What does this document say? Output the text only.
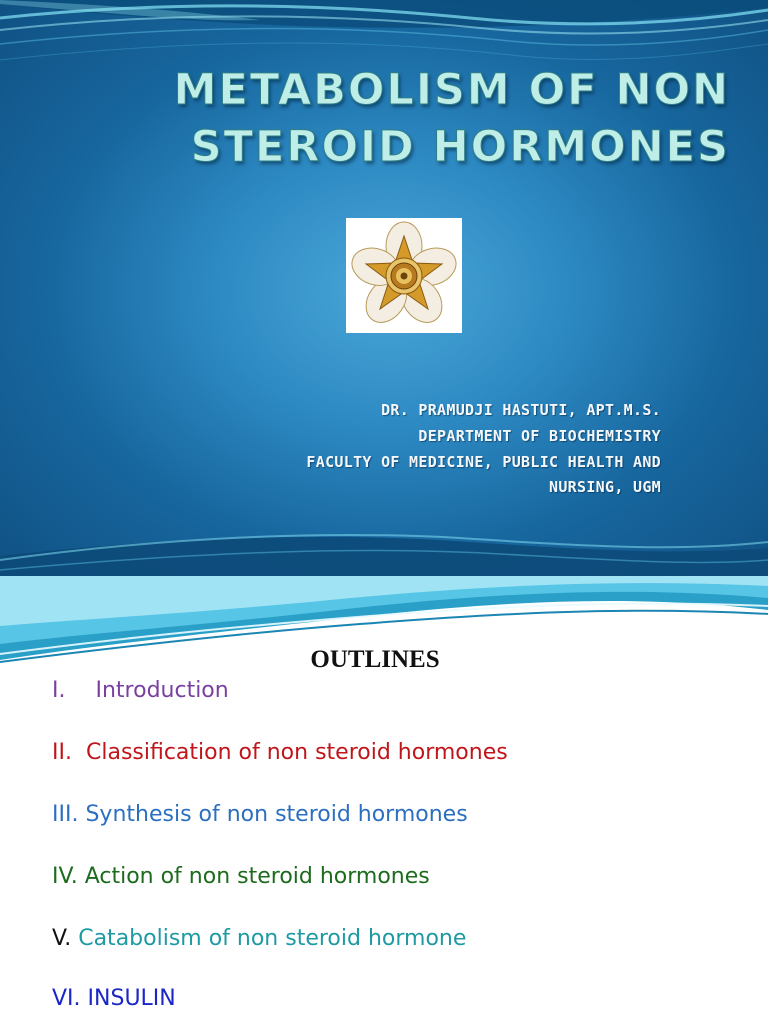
METABOLISM OF NON
STEROID HORMONES
DR. PRAMUDJI HASTUTI, APT.M.S.
DEPARTMENT OF BIOCHEMISTRY
FACULTY OF MEDICINE, PUBLIC HEALTH AND
NURSING, UGM
OUTLINES
I. Introduction
II. Classification of non steroid hormones
III. Synthesis of non steroid hormones
IV. Action of non steroid hormones
V. Catabolism of non steroid hormone
VI. INSULIN
